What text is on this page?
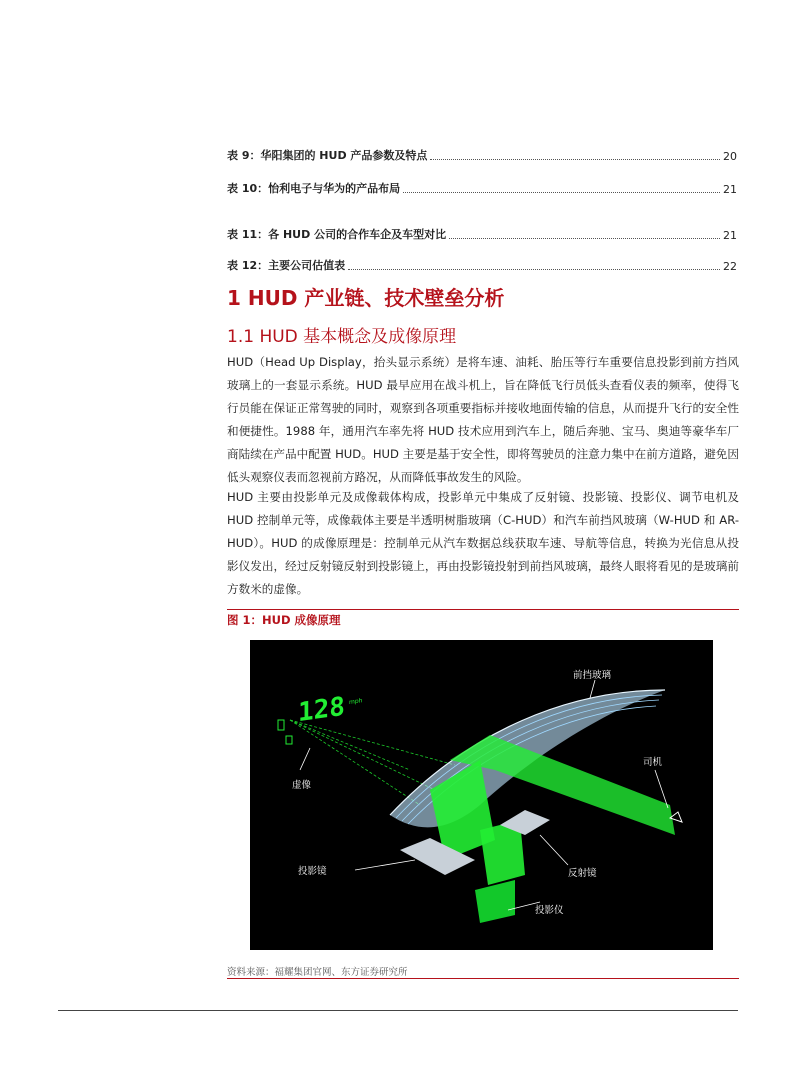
表 9：华阳集团的 HUD 产品参数及特点	20
表 10：怡利电子与华为的产品布局	21
表 11：各 HUD 公司的合作车企及车型对比	21
表 12：主要公司估值表	22
1 HUD 产业链、技术壁垒分析
1.1 HUD 基本概念及成像原理

HUD（Head Up Display，抬头显示系统）是将车速、油耗、胎压等行车重要信息投影到前方挡风玻璃上的一套显示系统。HUD 最早应用在战斗机上，旨在降低飞行员低头查看仪表的频率，使得飞行员能在保证正常驾驶的同时，观察到各项重要指标并接收地面传输的信息，从而提升飞行的安全性和便捷性。1988 年，通用汽车率先将 HUD 技术应用到汽车上，随后奔驰、宝马、奥迪等豪华车厂商陆续在产品中配置 HUD。HUD 主要是基于安全性，即将驾驶员的注意力集中在前方道路，避免因低头观察仪表而忽视前方路况，从而降低事故发生的风险。

HUD 主要由投影单元及成像载体构成，投影单元中集成了反射镜、投影镜、投影仪、调节电机及 HUD 控制单元等，成像载体主要是半透明树脂玻璃（C-HUD）和汽车前挡风玻璃（W-HUD 和 AR-HUD）。HUD 的成像原理是：控制单元从汽车数据总线获取车速、导航等信息，转换为光信息从投影仪发出，经过反射镜反射到投影镜上，再由投影镜投射到前挡风玻璃，最终人眼将看见的是玻璃前方数米的虚像。

图 1：HUD 成像原理
128 mph
前挡玻璃
司机
虚像
投影镜	反射镜
投影仪
资料来源：福耀集团官网、东方证券研究所
